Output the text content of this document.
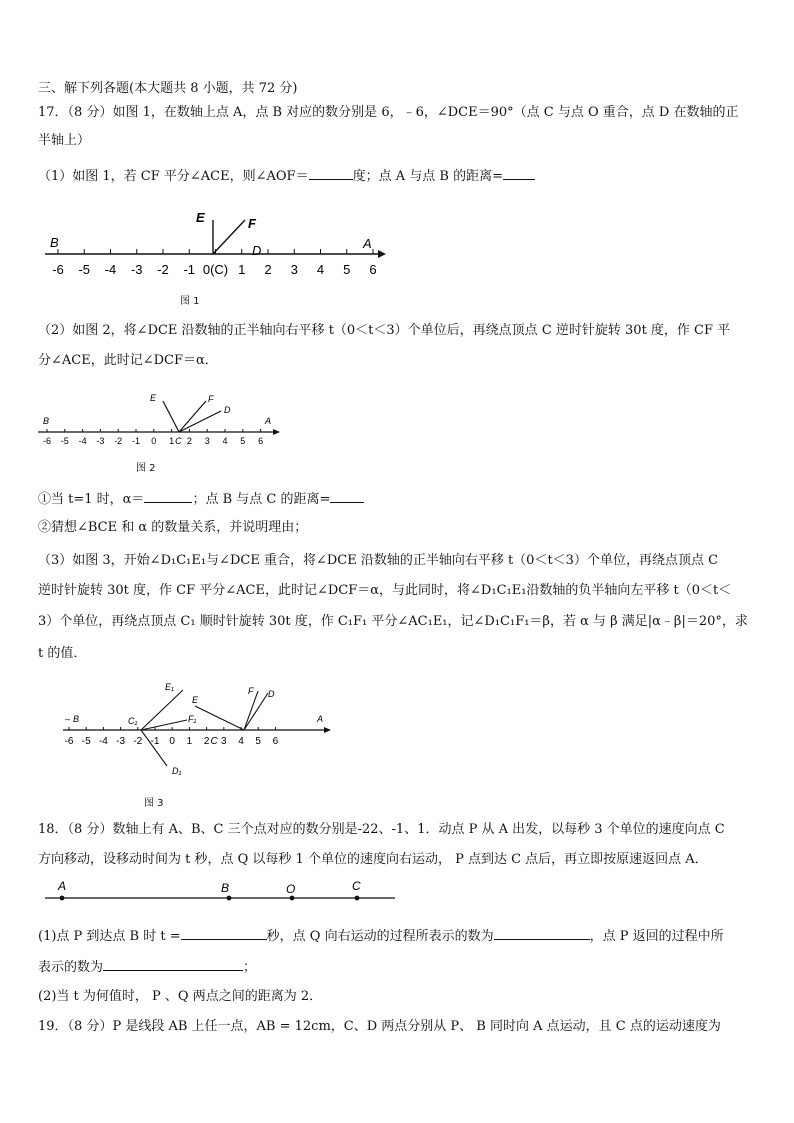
三、解下列各题(本大题共 8 小题，共 72 分)
17．（8 分）如图 1，在数轴上点 A，点 B 对应的数分别是 6，﹣6，∠DCE＝90°（点 C 与点 O 重合，点 D 在数轴的正
半轴上）
（1）如图 1，若 CF 平分∠ACE，则∠AOF＝	度；点 A 与点 B 的距离=
-6 -5 -4 -3 -2 -1 0(C) 1 2 3 4 5 6
E	F
D
B	A
图 1
（2）如图 2，将∠DCE 沿数轴的正半轴向右平移 t（0＜t＜3）个单位后，再绕点顶点 C 逆时针旋转 30t 度，作 CF 平
分∠ACE，此时记∠DCF＝α．
-6 -5 -4 -3 -2 -1 0 1 C 2 3 4 5 6
E	F
D
B	A
图 2
①当 t=1 时，α＝	；点 B 与点 C 的距离=
②猜想∠BCE 和 α 的数量关系，并说明理由；
（3）如图 3，开始∠D₁C₁E₁与∠DCE 重合，将∠DCE 沿数轴的正半轴向右平移 t（0＜t＜3）个单位，再绕点顶点 C
逆时针旋转 30t 度，作 CF 平分∠ACE，此时记∠DCF＝α，与此同时，将∠D₁C₁E₁沿数轴的负半轴向左平移 t（0＜t＜
3）个单位，再绕点顶点 C₁ 顺时针旋转 30t 度，作 C₁F₁ 平分∠AC₁E₁，记∠D₁C₁F₁＝β，若 α 与 β 满足|α﹣β|＝20°，求
t 的值．
-6 -5 -4 -3 -2 -1 0 1 2 C 3 4 5 6
E₁
F₁
D₁
E
F D
– B	A
C₁
图 3
18．（8 分）数轴上有 A、B、C 三个点对应的数分别是-22、-1、1．动点 P 从 A 出发，以每秒 3 个单位的速度向点 C
方向移动，设移动时间为 t 秒，点 Q 以每秒 1 个单位的速度向右运动， P 点到达 C 点后，再立即按原速返回点 A．
A	B	O	C
(1)点 P 到达点 B 时 t =	秒，点 Q 向右运动的过程所表示的数为	，点 P 返回的过程中所
表示的数为	；
(2)当 t 为何值时， P 、Q 两点之间的距离为 2．
19．（8 分）P 是线段 AB 上任一点，AB = 12cm，C、D 两点分别从 P、 B 同时向 A 点运动，且 C 点的运动速度为
